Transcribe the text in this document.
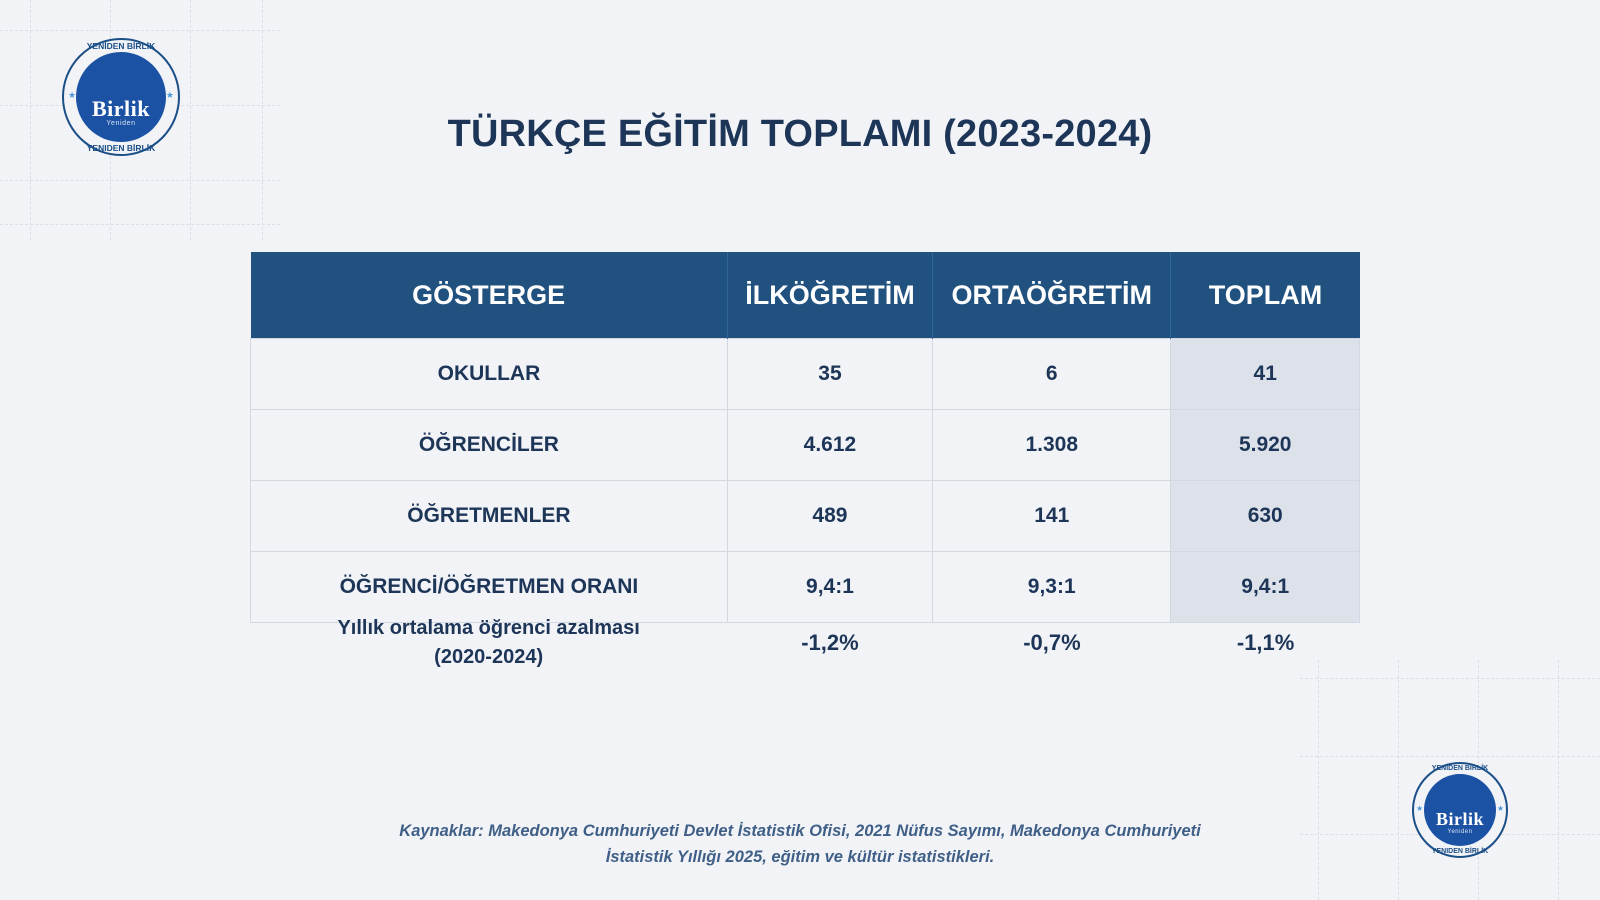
YENİDEN BİRLİK
YENIDEN BİRLİK
★	★
Birlik
Yeniden
YENİDEN BİRLİK
YENIDEN BİRLİK
★	★
Birlik
Yeniden
TÜRKÇE EĞİTİM TOPLAMI (2023-2024)
GÖSTERGE	İLKÖĞRETİM	ORTAÖĞRETİM	TOPLAM
OKULLAR	35	6	41
ÖĞRENCİLER	4.612	1.308	5.920
ÖĞRETMENLER	489	141	630
ÖĞRENCİ/ÖĞRETMEN ORANI	9,4:1	9,3:1	9,4:1
Yıllık ortalama öğrenci azalması
(2020-2024)
-1,2%	-0,7%	-1,1%
Kaynaklar: Makedonya Cumhuriyeti Devlet İstatistik Ofisi, 2021 Nüfus Sayımı, Makedonya Cumhuriyeti
İstatistik Yıllığı 2025, eğitim ve kültür istatistikleri.
